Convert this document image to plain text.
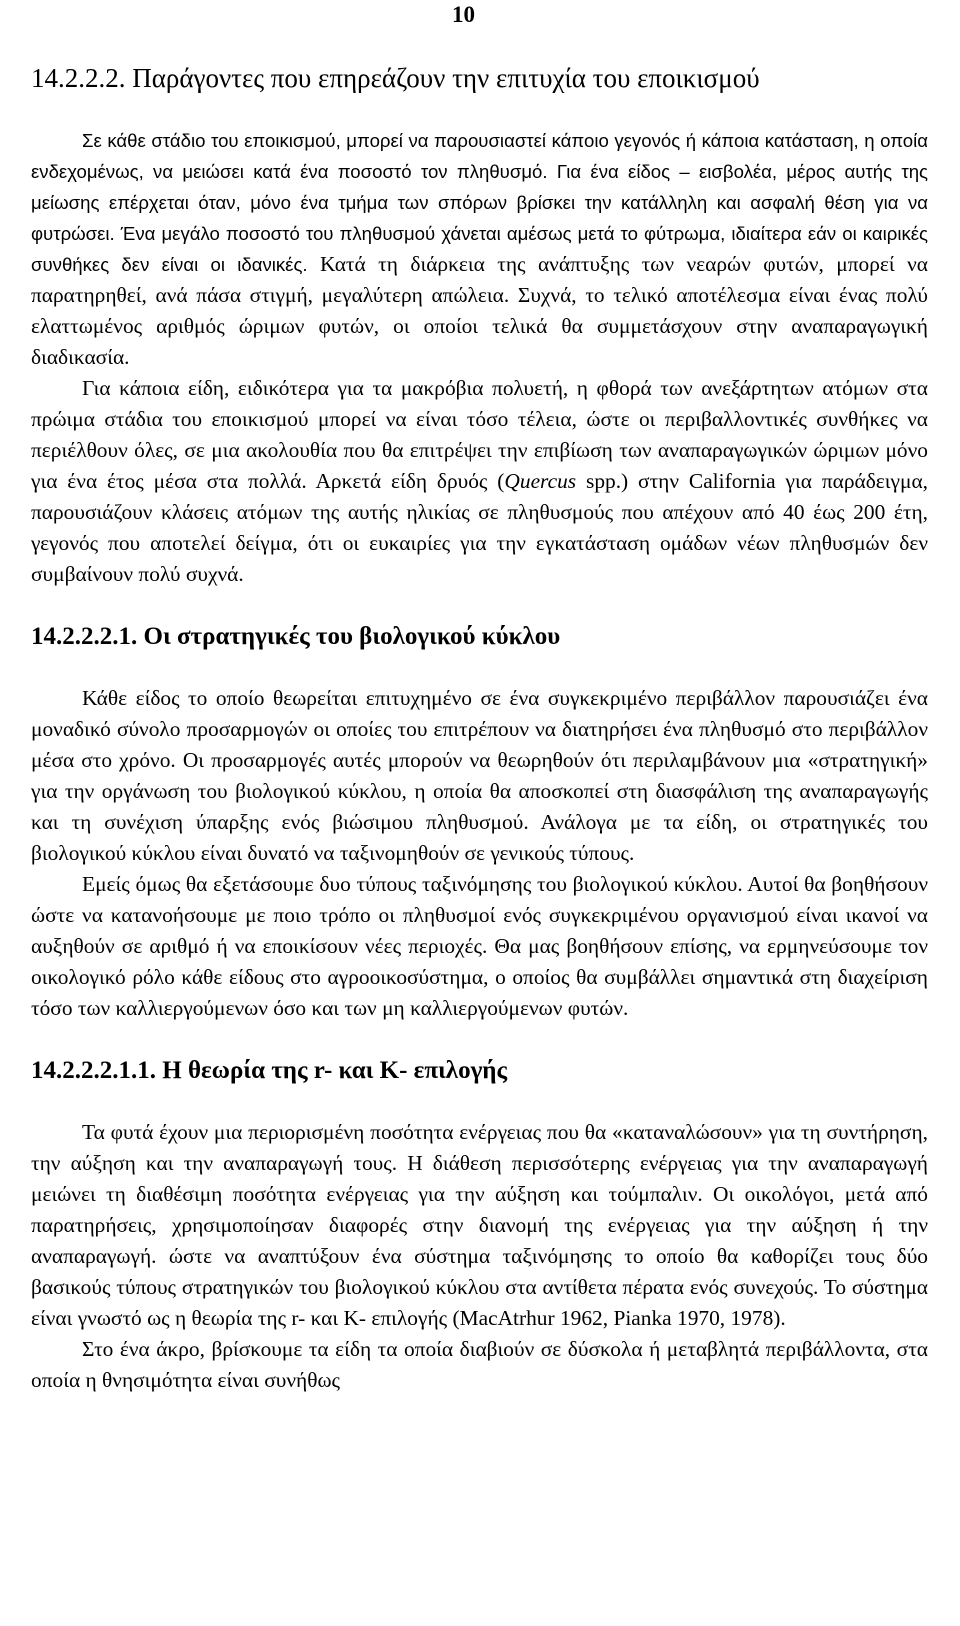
10
14.2.2.2. Παράγοντες που επηρεάζουν την επιτυχία του εποικισμού

Σε κάθε στάδιο του εποικισμού, μπορεί να παρουσιαστεί κάποιο γεγονός ή κάποια κατάσταση, η οποία ενδεχομένως, να μειώσει κατά ένα ποσοστό τον πληθυσμό. Για ένα είδος – εισβολέα, μέρος αυτής της μείωσης επέρχεται όταν, μόνο ένα τμήμα των σπόρων βρίσκει την κατάλληλη και ασφαλή θέση για να φυτρώσει. Ένα μεγάλο ποσοστό του πληθυσμού χάνεται αμέσως μετά το φύτρωμα, ιδιαίτερα εάν οι καιρικές συνθήκες δεν είναι οι ιδανικές. Κατά τη διάρκεια της ανάπτυξης των νεαρών φυτών, μπορεί να παρατηρηθεί, ανά πάσα στιγμή, μεγαλύτερη απώλεια. Συχνά, το τελικό αποτέλεσμα είναι ένας πολύ ελαττωμένος αριθμός ώριμων φυτών, οι οποίοι τελικά θα συμμετάσχουν στην αναπαραγωγική διαδικασία.

Για κάποια είδη, ειδικότερα για τα μακρόβια πολυετή, η φθορά των ανεξάρτητων ατόμων στα πρώιμα στάδια του εποικισμού μπορεί να είναι τόσο τέλεια, ώστε οι περιβαλλοντικές συνθήκες να περιέλθουν όλες, σε μια ακολουθία που θα επιτρέψει την επιβίωση των αναπαραγωγικών ώριμων μόνο για ένα έτος μέσα στα πολλά. Αρκετά είδη δρυός (Quercus spp.) στην California για παράδειγμα, παρουσιάζουν κλάσεις ατόμων της αυτής ηλικίας σε πληθυσμούς που απέχουν από 40 έως 200 έτη, γεγονός που αποτελεί δείγμα, ότι οι ευκαιρίες για την εγκατάσταση ομάδων νέων πληθυσμών δεν συμβαίνουν πολύ συχνά.

14.2.2.2.1. Οι στρατηγικές του βιολογικού κύκλου

Κάθε είδος το οποίο θεωρείται επιτυχημένο σε ένα συγκεκριμένο περιβάλλον παρουσιάζει ένα μοναδικό σύνολο προσαρμογών οι οποίες του επιτρέπουν να διατηρήσει ένα πληθυσμό στο περιβάλλον μέσα στο χρόνο. Οι προσαρμογές αυτές μπορούν να θεωρηθούν ότι περιλαμβάνουν μια «στρατηγική» για την οργάνωση του βιολογικού κύκλου, η οποία θα αποσκοπεί στη διασφάλιση της αναπαραγωγής και τη συνέχιση ύπαρξης ενός βιώσιμου πληθυσμού. Ανάλογα με τα είδη, οι στρατηγικές του βιολογικού κύκλου είναι δυνατό να ταξινομηθούν σε γενικούς τύπους.

Εμείς όμως θα εξετάσουμε δυο τύπους ταξινόμησης του βιολογικού κύκλου. Αυτοί θα βοηθήσουν ώστε να κατανοήσουμε με ποιο τρόπο οι πληθυσμοί ενός συγκεκριμένου οργανισμού είναι ικανοί να αυξηθούν σε αριθμό ή να εποικίσουν νέες περιοχές. Θα μας βοηθήσουν επίσης, να ερμηνεύσουμε τον οικολογικό ρόλο κάθε είδους στο αγροοικοσύστημα, ο οποίος θα συμβάλλει σημαντικά στη διαχείριση τόσο των καλλιεργούμενων όσο και των μη καλλιεργούμενων φυτών.

14.2.2.2.1.1. Η θεωρία της r- και K- επιλογής

Τα φυτά έχουν μια περιορισμένη ποσότητα ενέργειας που θα «καταναλώσουν» για τη συντήρηση, την αύξηση και την αναπαραγωγή τους. Η διάθεση περισσότερης ενέργειας για την αναπαραγωγή μειώνει τη διαθέσιμη ποσότητα ενέργειας για την αύξηση και τούμπαλιν. Οι οικολόγοι, μετά από παρατηρήσεις, χρησιμοποίησαν διαφορές στην διανομή της ενέργειας για την αύξηση ή την αναπαραγωγή. ώστε να αναπτύξουν ένα σύστημα ταξινόμησης το οποίο θα καθορίζει τους δύο βασικούς τύπους στρατηγικών του βιολογικού κύκλου στα αντίθετα πέρατα ενός συνεχούς. Το σύστημα είναι γνωστό ως η θεωρία της r- και K- επιλογής (MacAtrhur 1962, Pianka 1970, 1978).

Στο ένα άκρο, βρίσκουμε τα είδη τα οποία διαβιούν σε δύσκολα ή μεταβλητά περιβάλλοντα, στα οποία η θνησιμότητα είναι συνήθως
